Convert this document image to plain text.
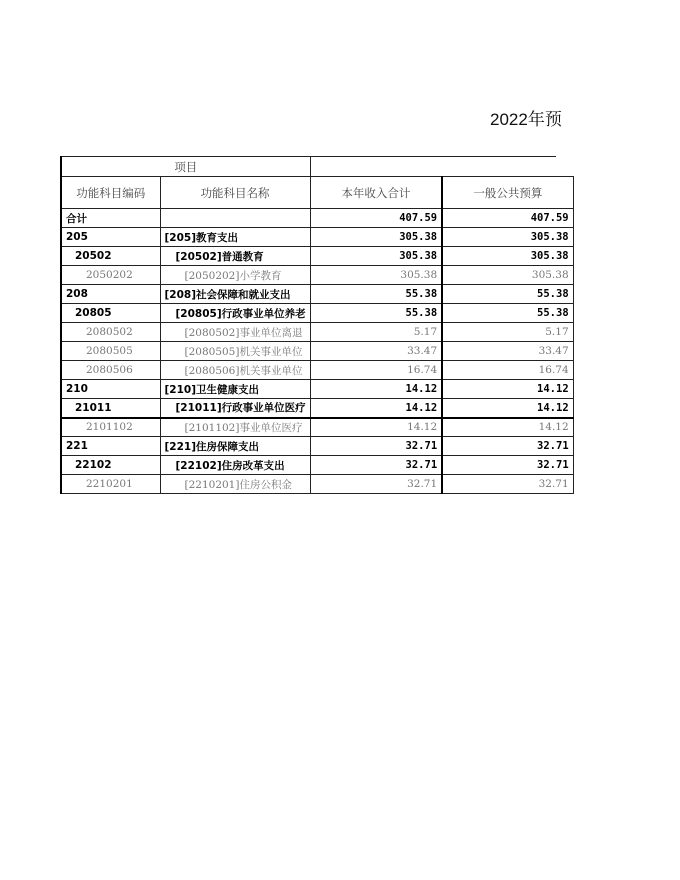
2022年预
项目			
功能科目编码	功能科目名称	本年收入合计	一般公共预算
合计		407.59	407.59
205	[205]教育支出	305.38	305.38
20502	[20502]普通教育	305.38	305.38
2050202	[2050202]小学教育	305.38	305.38
208	[208]社会保障和就业支出	55.38	55.38
20805	[20805]行政事业单位养老	55.38	55.38
2080502	[2080502]事业单位离退	5.17	5.17
2080505	[2080505]机关事业单位	33.47	33.47
2080506	[2080506]机关事业单位	16.74	16.74
210	[210]卫生健康支出	14.12	14.12
21011	[21011]行政事业单位医疗	14.12	14.12
2101102	[2101102]事业单位医疗	14.12	14.12
221	[221]住房保障支出	32.71	32.71
22102	[22102]住房改革支出	32.71	32.71
2210201	[2210201]住房公积金	32.71	32.71
